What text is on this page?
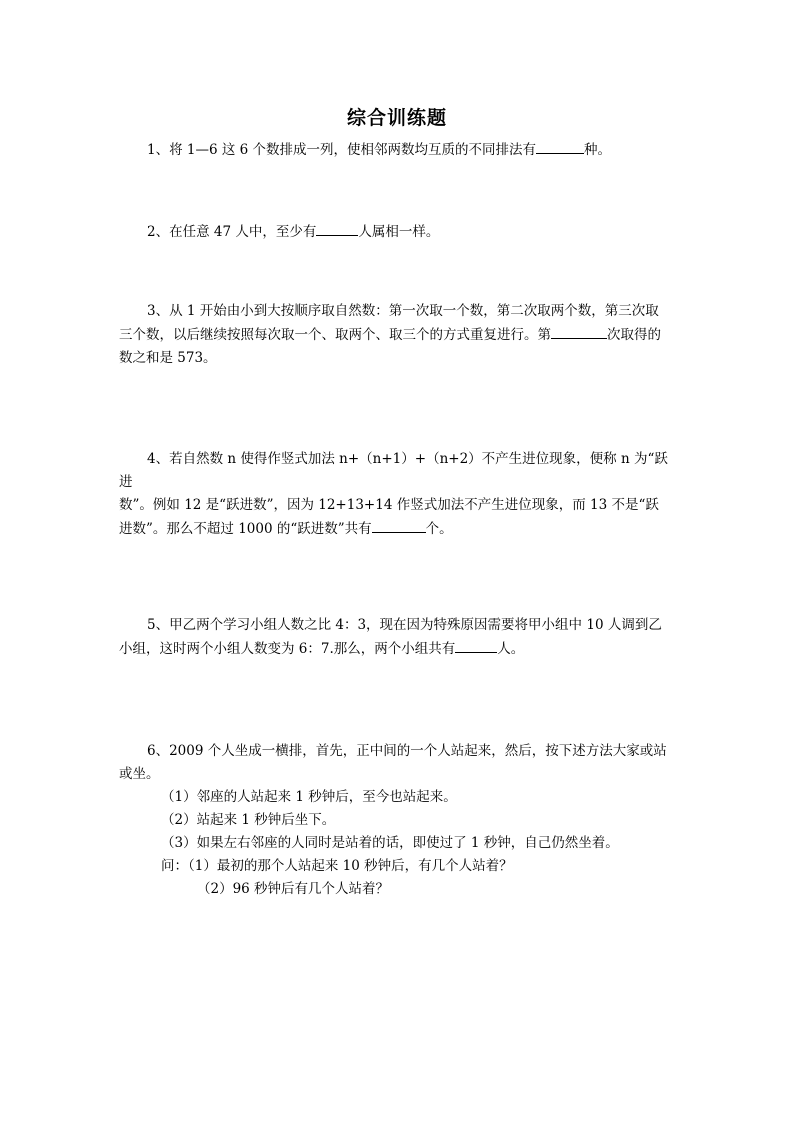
综合训练题

1、将 1—6 这 6 个数排成一列，使相邻两数均互质的不同排法有	种。

2、在任意 47 人中，至少有	人属相一样。

3、从 1 开始由小到大按顺序取自然数：第一次取一个数，第二次取两个数，第三次取

三个数，以后继续按照每次取一个、取两个、取三个的方式重复进行。第	次取得的

数之和是 573。

4、若自然数 n 使得作竖式加法 n+（n+1）+（n+2）不产生进位现象，便称 n 为“跃进

数”。例如 12 是“跃进数”，因为 12+13+14 作竖式加法不产生进位现象，而 13 不是“跃

进数”。那么不超过 1000 的“跃进数”共有	个。

5、甲乙两个学习小组人数之比 4：3，现在因为特殊原因需要将甲小组中 10 人调到乙

小组，这时两个小组人数变为 6：7.那么，两个小组共有	人。

6、2009 个人坐成一横排，首先，正中间的一个人站起来，然后，按下述方法大家或站

或坐。

（1）邻座的人站起来 1 秒钟后，至今也站起来。

（2）站起来 1 秒钟后坐下。

（3）如果左右邻座的人同时是站着的话，即使过了 1 秒钟，自己仍然坐着。

问：（1）最初的那个人站起来 10 秒钟后，有几个人站着？

（2）96 秒钟后有几个人站着？
